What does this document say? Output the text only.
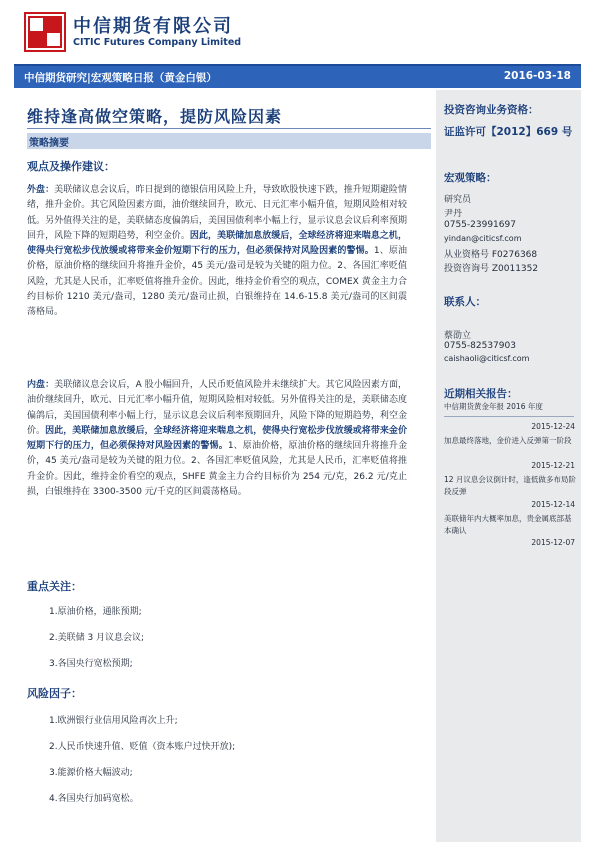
中信期货有限公司
CITIC Futures Company Limited
中信期货研究|宏观策略日报（黄金白银）	2016-03-18
维持逢高做空策略，提防风险因素
策略摘要
观点及操作建议：
外盘：美联储议息会议后，昨日提到的德银信用风险上升，导致欧股快速下跌，推升短期避险情绪，推升金价。其它风险因素方面，油价继续回升，欧元、日元汇率小幅升值，短期风险相对较低。另外值得关注的是，美联储态度偏鸽后，美国国债利率小幅上行，显示议息会议后利率预期回升，风险下降的短期趋势，利空金价。因此，美联储加息放缓后，全球经济将迎来喘息之机，使得央行宽松步伐放缓或将带来金价短期下行的压力，但必须保持对风险因素的警惕。1、原油价格，原油价格的继续回升将推升金价，45 美元/盎司是较为关键的阻力位。2、各国汇率贬值风险，尤其是人民币，汇率贬值将推升金价。因此，维持金价看空的观点，COMEX 黄金主力合约目标价 1210 美元/盎司，1280 美元/盎司止损，白银维持在 14.6-15.8 美元/盎司的区间震荡格局。
内盘：美联储议息会议后，A 股小幅回升，人民币贬值风险并未继续扩大。其它风险因素方面，油价继续回升，欧元、日元汇率小幅升值，短期风险相对较低。另外值得关注的是，美联储态度偏鸽后，美国国债利率小幅上行，显示议息会议后利率预期回升，风险下降的短期趋势，利空金价。因此，美联储加息放缓后，全球经济将迎来喘息之机，使得央行宽松步伐放缓或将带来金价短期下行的压力，但必须保持对风险因素的警惕。1、原油价格，原油价格的继续回升将推升金价，45 美元/盎司是较为关键的阻力位。2、各国汇率贬值风险，尤其是人民币，汇率贬值将推升金价。因此，维持金价看空的观点，SHFE 黄金主力合约目标价为 254 元/克，26.2 元/克止损，白银维持在 3300-3500 元/千克的区间震荡格局。
重点关注：
1.原油价格，通胀预期;
2.美联储 3 月议息会议;
3.各国央行宽松预期;
风险因子：
1.欧洲银行业信用风险再次上升;
2.人民币快速升值、贬值（资本账户过快开放);
3.能源价格大幅波动;
4.各国央行加码宽松。
投资咨询业务资格：
证监许可【2012】669 号
宏观策略：
研究员
尹丹
0755-23991697
yindan@citicsf.com
从业资格号 F0276368
投资咨询号 Z0011352
联系人：
蔡劭立
0755-82537903
caishaoli@citicsf.com
近期相关报告：
中信期货黄金年报 2016 年度
2015-12-24
加息最终落地，金价进入反弹第一阶段
2015-12-21
12 月议息会议倒计时，逢低做多布局阶段反弹
2015-12-14
美联储年内大概率加息，贵金属底部基本确认
2015-12-07
